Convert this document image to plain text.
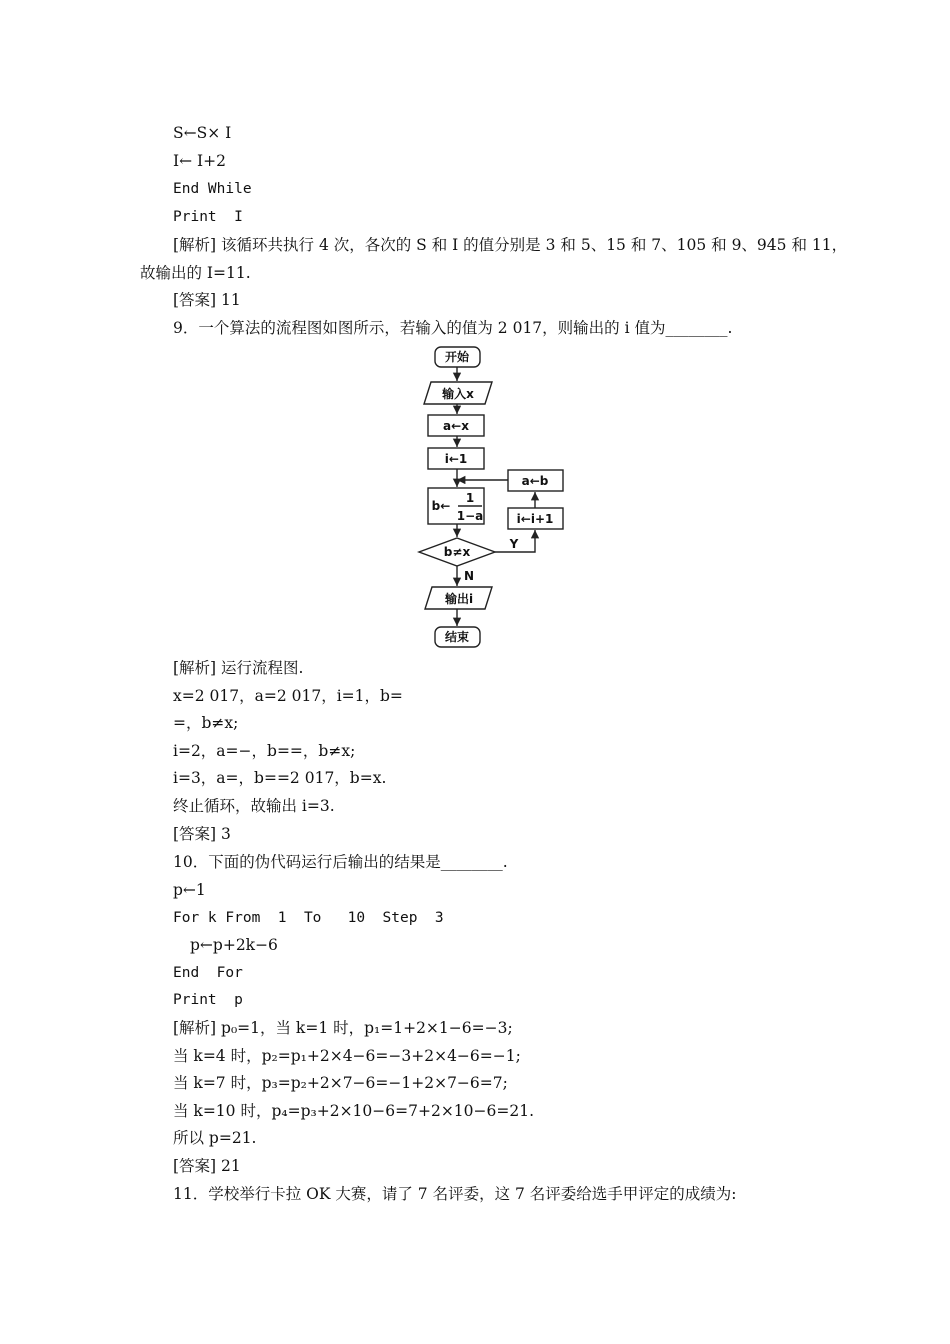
S←S× I
I← I+2
End While
Print  I
[解析] 该循环共执行 4 次，各次的 S 和 I 的值分别是 3 和 5、15 和 7、105 和 9、945 和 11，
故输出的 I=11.
[答案] 11
9．一个算法的流程图如图所示，若输入的值为 2 017，则输出的 i 值为________.
开始
输入x
a←x
i←1
b←
1
1−a
b≠x
Y
N
输出i
结束
a←b
i←i+1
[解析] 运行流程图.
x=2 017，a=2 017，i=1，b=
=，b≠x;
i=2，a=−，b==，b≠x;
i=3，a=，b==2 017，b=x.
终止循环，故输出 i=3.
[答案] 3
10．下面的伪代码运行后输出的结果是________.
p←1
For k From  1  To   10  Step  3
p←p+2k−6
End  For
Print  p
[解析] p₀=1，当 k=1 时，p₁=1+2×1−6=−3;
当 k=4 时，p₂=p₁+2×4−6=−3+2×4−6=−1;
当 k=7 时，p₃=p₂+2×7−6=−1+2×7−6=7;
当 k=10 时，p₄=p₃+2×10−6=7+2×10−6=21.
所以 p=21.
[答案] 21
11．学校举行卡拉 OK 大赛，请了 7 名评委，这 7 名评委给选手甲评定的成绩为:
